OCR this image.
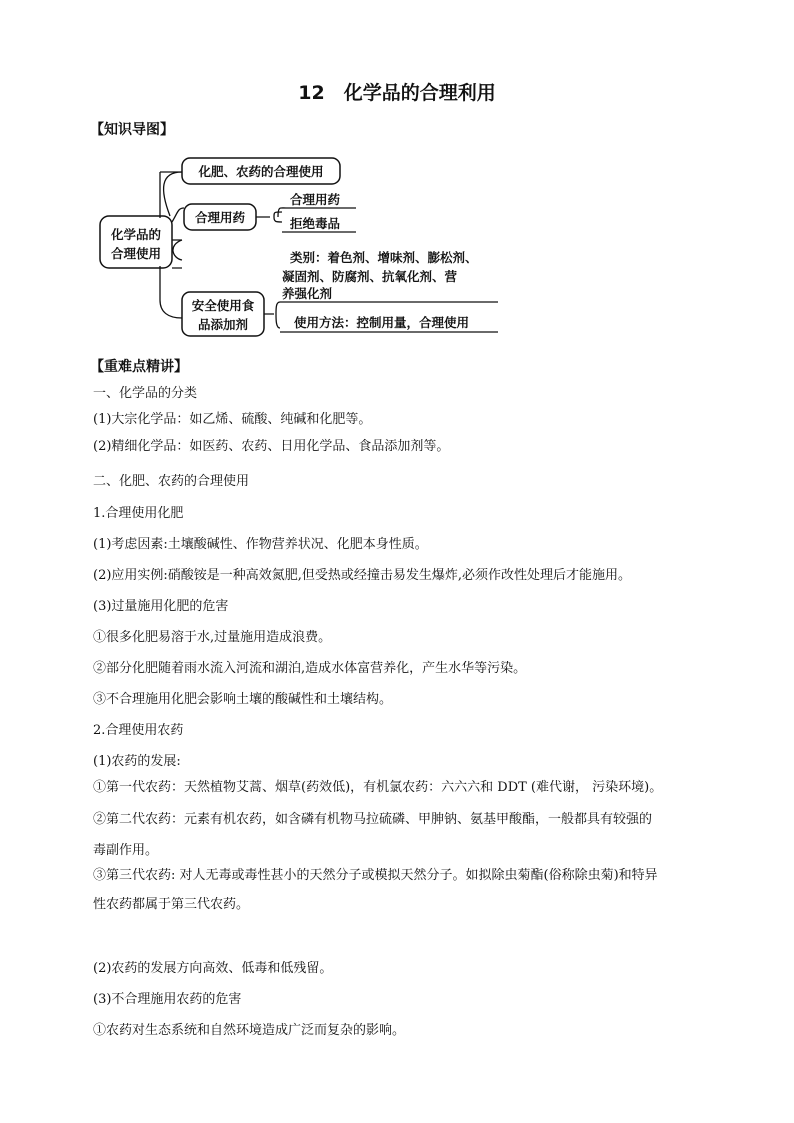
12　化学品的合理利用
【知识导图】
化学品的
合理使用
化肥、农药的合理使用
合理用药
合理用药
拒绝毒品
安全使用食
品添加剂
类别：着色剂、增味剂、膨松剂、
凝固剂、防腐剂、抗氧化剂、营
养强化剂
使用方法：控制用量，合理使用
【重难点精讲】
一、化学品的分类
(1)大宗化学品：如乙烯、硫酸、纯碱和化肥等。
(2)精细化学品：如医药、农药、日用化学品、食品添加剂等。
二、化肥、农药的合理使用
1.合理使用化肥
(1)考虑因素:土壤酸碱性、作物营养状况、化肥本身性质。
(2)应用实例:硝酸铵是一种高效氮肥,但受热或经撞击易发生爆炸,必须作改性处理后才能施用。
(3)过量施用化肥的危害
①很多化肥易溶于水,过量施用造成浪费。
②部分化肥随着雨水流入河流和湖泊,造成水体富营养化，产生水华等污染。
③不合理施用化肥会影响土壤的酸碱性和土壤结构。
2.合理使用农药
(1)农药的发展:
①第一代农药：天然植物艾蒿、烟草(药效低)，有机氯农药：六六六和 DDT (难代谢， 污染环境)。
②第二代农药：元素有机农药，如含磷有机物马拉硫磷、甲胂钠、氨基甲酸酯，一般都具有较强的
毒副作用。
③第三代农药: 对人无毒或毒性甚小的天然分子或模拟天然分子。如拟除虫菊酯(俗称除虫菊)和特异
性农药都属于第三代农药。
(2)农药的发展方向高效、低毒和低残留。
(3)不合理施用农药的危害
①农药对生态系统和自然环境造成广泛而复杂的影响。
